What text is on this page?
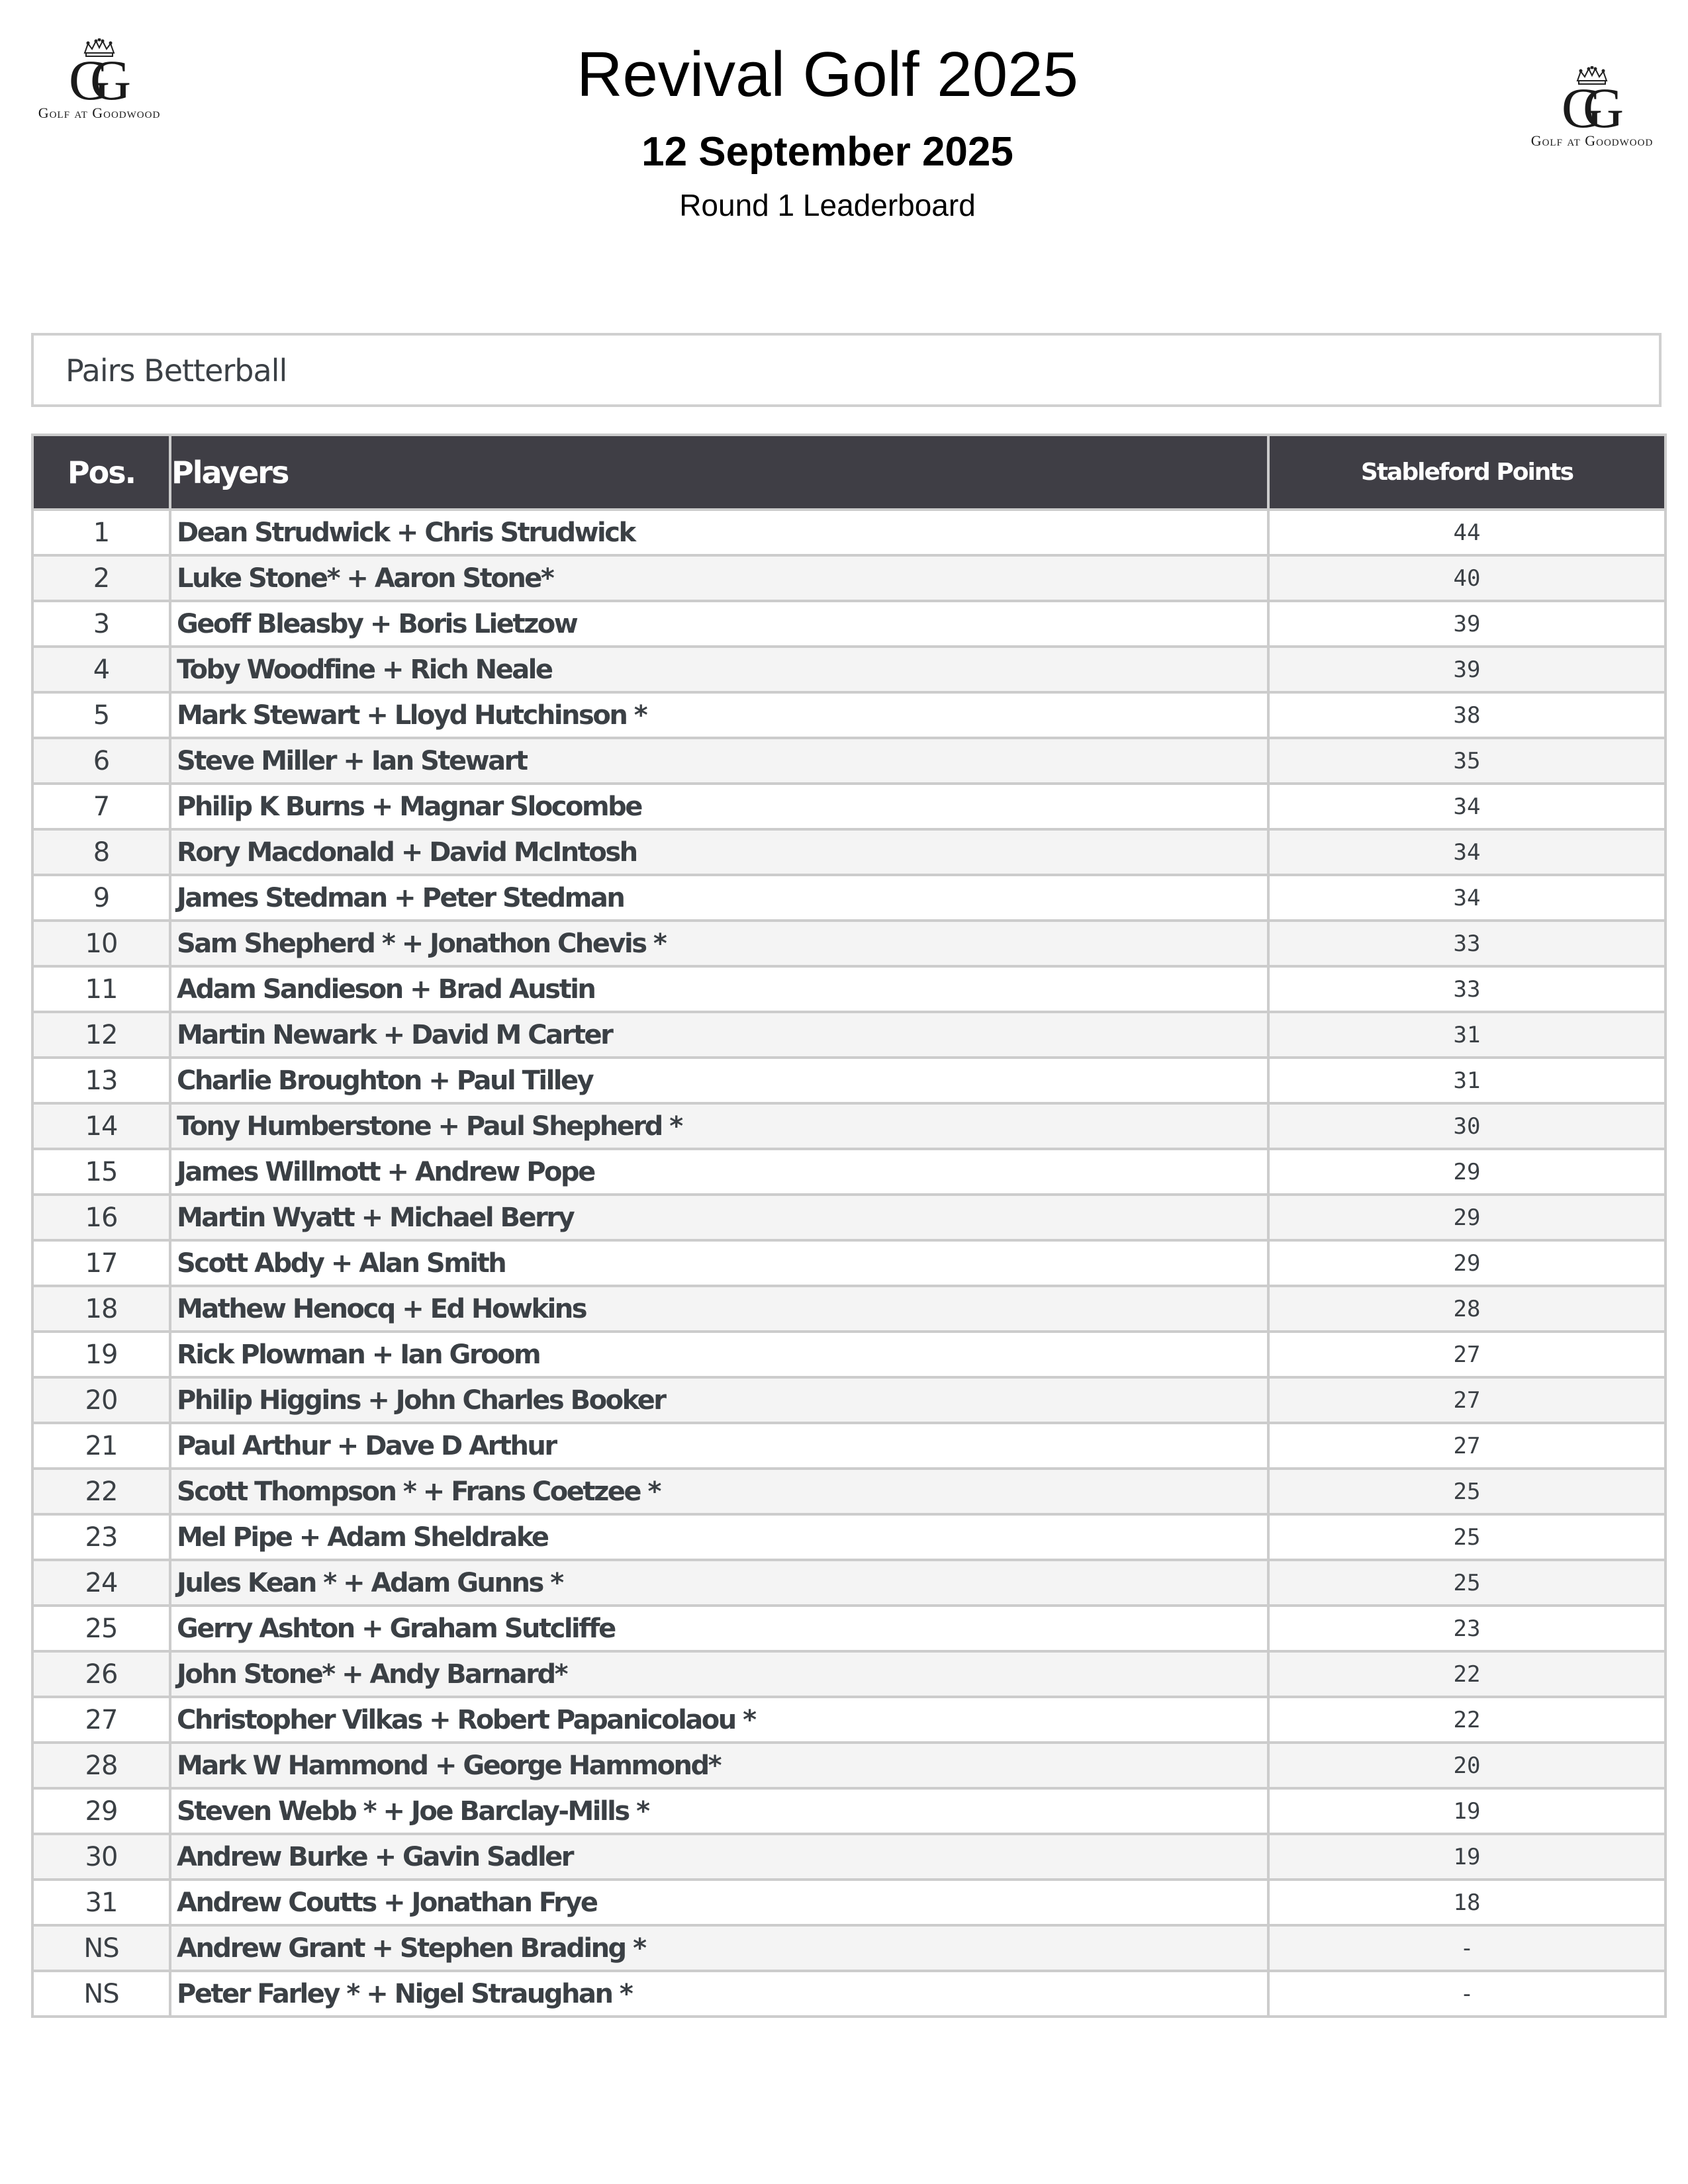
GG
Golf at Goodwood	GG
Golf at Goodwood
Revival Golf 2025
12 September 2025
Round 1 Leaderboard
Pairs Betterball
Pos.	Players	Stableford Points
1	Dean Strudwick + Chris Strudwick	44
2	Luke Stone* + Aaron Stone*	40
3	Geoff Bleasby + Boris Lietzow	39
4	Toby Woodfine + Rich Neale	39
5	Mark Stewart + Lloyd Hutchinson *	38
6	Steve Miller + Ian Stewart	35
7	Philip K Burns + Magnar Slocombe	34
8	Rory Macdonald + David McIntosh	34
9	James Stedman + Peter Stedman	34
10	Sam Shepherd * + Jonathon Chevis *	33
11	Adam Sandieson + Brad Austin	33
12	Martin Newark + David M Carter	31
13	Charlie Broughton + Paul Tilley	31
14	Tony Humberstone + Paul Shepherd *	30
15	James Willmott + Andrew Pope	29
16	Martin Wyatt + Michael Berry	29
17	Scott Abdy + Alan Smith	29
18	Mathew Henocq + Ed Howkins	28
19	Rick Plowman + Ian Groom	27
20	Philip Higgins + John Charles Booker	27
21	Paul Arthur + Dave D Arthur	27
22	Scott Thompson * + Frans Coetzee *	25
23	Mel Pipe + Adam Sheldrake	25
24	Jules Kean * + Adam Gunns *	25
25	Gerry Ashton + Graham Sutcliffe	23
26	John Stone* + Andy Barnard*	22
27	Christopher Vilkas + Robert Papanicolaou *	22
28	Mark W Hammond + George Hammond*	20
29	Steven Webb * + Joe Barclay-Mills *	19
30	Andrew Burke + Gavin Sadler	19
31	Andrew Coutts + Jonathan Frye	18
NS	Andrew Grant + Stephen Brading *	-
NS	Peter Farley * + Nigel Straughan *	-
